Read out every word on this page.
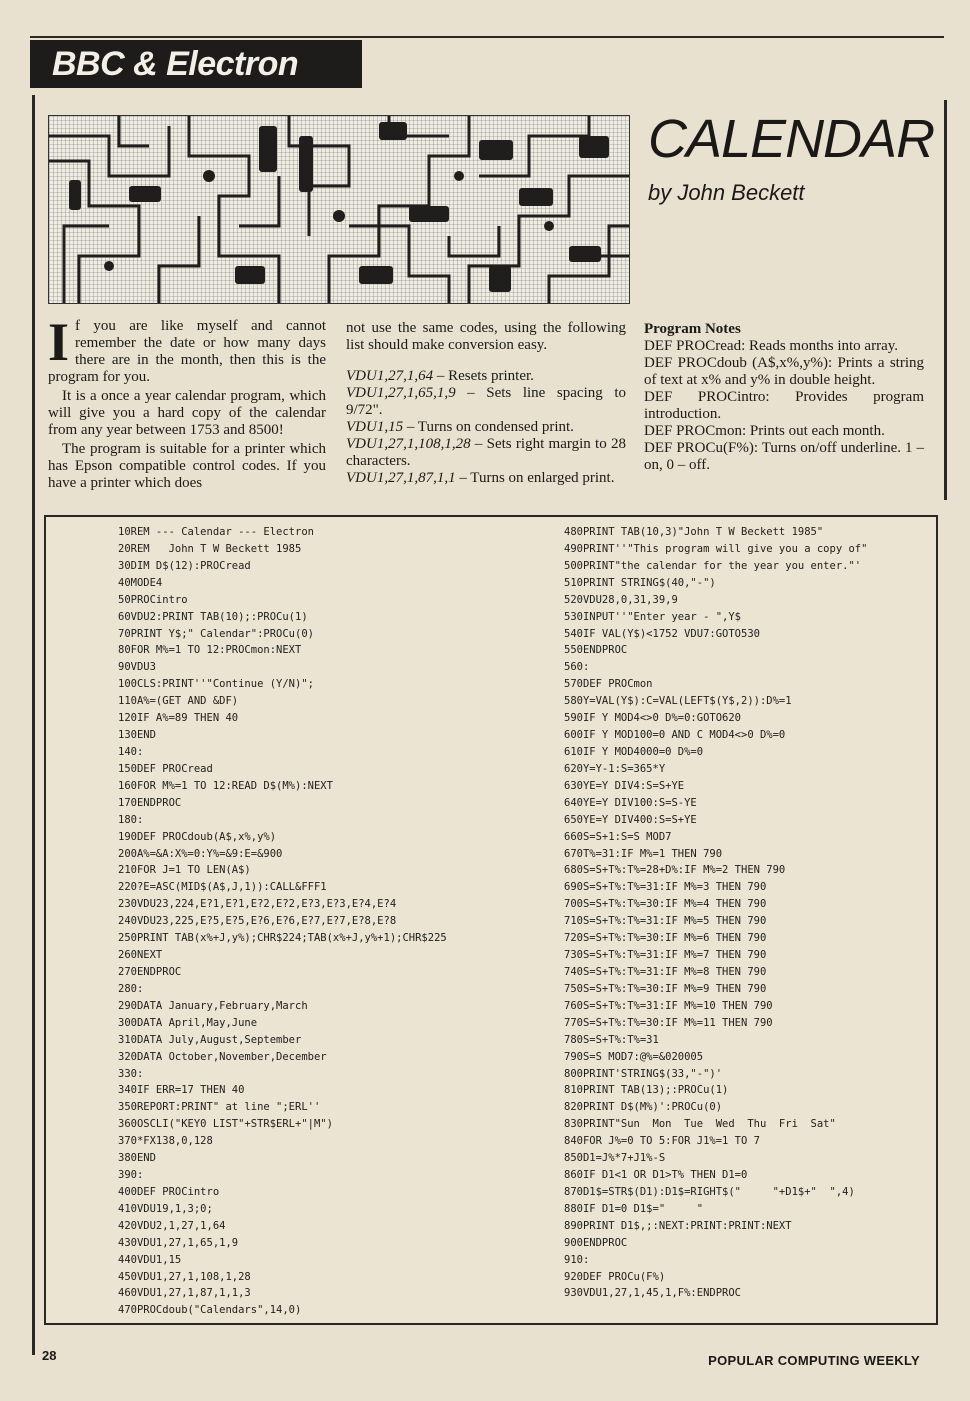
BBC & Electron
CALENDAR
by John Beckett

If you are like myself and cannot remember the date or how many days there are in the month, then this is the program for you.

It is a once a year calendar program, which will give you a hard copy of the calendar from any year between 1753 and 8500!

The program is suitable for a printer which has Epson compatible control codes. If you have a printer which does

not use the same codes, using the following list should make conversion easy.
VDU1,27,1,64 – Resets printer.
VDU1,27,1,65,1,9 – Sets line spacing to 9/72".
VDU1,15 – Turns on condensed print.
VDU1,27,1,108,1,28 – Sets right margin to 28 characters.
VDU1,27,1,87,1,1 – Turns on enlarged print.
Program Notes
DEF PROCread: Reads months into array.
DEF PROCdoub (A$,x%,y%): Prints a string of text at x% and y% in double height.
DEF PROCintro: Provides program introduction.
DEF PROCmon: Prints out each month.
DEF PROCu(F%): Turns on/off underline. 1 – on, 0 – off.
10REM --- Calendar --- Electron
20REM   John T W Beckett 1985
30DIM D$(12):PROCread
40MODE4
50PROCintro
60VDU2:PRINT TAB(10);:PROCu(1)
70PRINT Y$;" Calendar":PROCu(0)
80FOR M%=1 TO 12:PROCmon:NEXT
90VDU3
100CLS:PRINT''"Continue (Y/N)";
110A%=(GET AND &DF)
120IF A%=89 THEN 40
130END
140:
150DEF PROCread
160FOR M%=1 TO 12:READ D$(M%):NEXT
170ENDPROC
180:
190DEF PROCdoub(A$,x%,y%)
200A%=&A:X%=0:Y%=&9:E=&900
210FOR J=1 TO LEN(A$)
220?E=ASC(MID$(A$,J,1)):CALL&FFF1
230VDU23,224,E?1,E?1,E?2,E?2,E?3,E?3,E?4,E?4
240VDU23,225,E?5,E?5,E?6,E?6,E?7,E?7,E?8,E?8
250PRINT TAB(x%+J,y%);CHR$224;TAB(x%+J,y%+1);CHR$225
260NEXT
270ENDPROC
280:
290DATA January,February,March
300DATA April,May,June
310DATA July,August,September
320DATA October,November,December
330:
340IF ERR=17 THEN 40
350REPORT:PRINT" at line ";ERL''
360OSCLI("KEY0 LIST"+STR$ERL+"|M")
370*FX138,0,128
380END
390:
400DEF PROCintro
410VDU19,1,3;0;
420VDU2,1,27,1,64
430VDU1,27,1,65,1,9
440VDU1,15
450VDU1,27,1,108,1,28
460VDU1,27,1,87,1,1,3
470PROCdoub("Calendars",14,0)
480PRINT TAB(10,3)"John T W Beckett 1985"
490PRINT''"This program will give you a copy of"
500PRINT"the calendar for the year you enter."'
510PRINT STRING$(40,"-")
520VDU28,0,31,39,9
530INPUT''"Enter year - ",Y$
540IF VAL(Y$)<1752 VDU7:GOTO530
550ENDPROC
560:
570DEF PROCmon
580Y=VAL(Y$):C=VAL(LEFT$(Y$,2)):D%=1
590IF Y MOD4<>0 D%=0:GOTO620
600IF Y MOD100=0 AND C MOD4<>0 D%=0
610IF Y MOD4000=0 D%=0
620Y=Y-1:S=365*Y
630YE=Y DIV4:S=S+YE
640YE=Y DIV100:S=S-YE
650YE=Y DIV400:S=S+YE
660S=S+1:S=S MOD7
670T%=31:IF M%=1 THEN 790
680S=S+T%:T%=28+D%:IF M%=2 THEN 790
690S=S+T%:T%=31:IF M%=3 THEN 790
700S=S+T%:T%=30:IF M%=4 THEN 790
710S=S+T%:T%=31:IF M%=5 THEN 790
720S=S+T%:T%=30:IF M%=6 THEN 790
730S=S+T%:T%=31:IF M%=7 THEN 790
740S=S+T%:T%=31:IF M%=8 THEN 790
750S=S+T%:T%=30:IF M%=9 THEN 790
760S=S+T%:T%=31:IF M%=10 THEN 790
770S=S+T%:T%=30:IF M%=11 THEN 790
780S=S+T%:T%=31
790S=S MOD7:@%=&020005
800PRINT'STRING$(33,"-")'
810PRINT TAB(13);:PROCu(1)
820PRINT D$(M%)':PROCu(0)
830PRINT"Sun  Mon  Tue  Wed  Thu  Fri  Sat"
840FOR J%=0 TO 5:FOR J1%=1 TO 7
850D1=J%*7+J1%-S
860IF D1<1 OR D1>T% THEN D1=0
870D1$=STR$(D1):D1$=RIGHT$("     "+D1$+"  ",4)
880IF D1=0 D1$="     "
890PRINT D1$,;:NEXT:PRINT:PRINT:NEXT
900ENDPROC
910:
920DEF PROCu(F%)
930VDU1,27,1,45,1,F%:ENDPROC
28	POPULAR COMPUTING WEEKLY
